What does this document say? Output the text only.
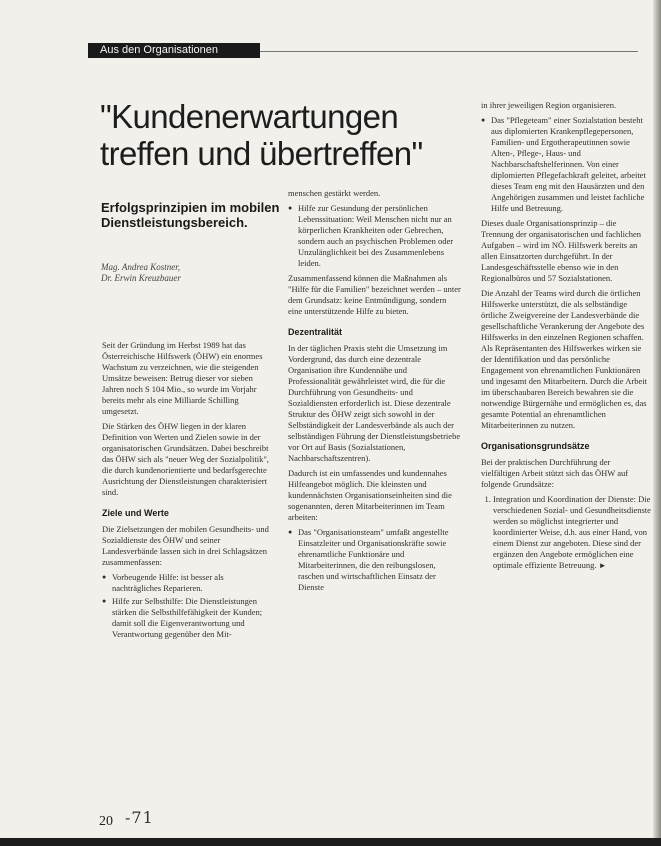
Aus den Organisationen
"Kundenerwartungen
treffen und übertreffen"
Erfolgsprinzipien im mobilen Dienstleistungsbereich.
Mag. Andrea Kostner,
Dr. Erwin Kreuzbauer

Seit der Gründung im Herbst 1989 hat das Österreichische Hilfswerk (ÖHW) ein enormes Wachstum zu verzeichnen, wie die steigenden Umsätze beweisen: Betrug dieser vor sieben Jahren noch S 104 Mio., so wurde im Vorjahr bereits mehr als eine Milliarde Schilling umgesetzt.

Die Stärken des ÖHW liegen in der klaren Definition von Werten und Zielen sowie in der organisatorischen Grundsätzen. Dabei beschreibt das ÖHW sich als "neuer Weg der Sozialpolitik", die durch kundenorientierte und bedarfsgerechte Ausrichtung der Dienstleistungen charakterisiert sind.

Ziele und Werte

Die Zielsetzungen der mobilen Gesundheits- und Sozialdienste des ÖHW und seiner Landesverbände lassen sich in drei Schlagsätzen zusammenfassen:

● Vorbeugende Hilfe: ist besser als nachträgliches Reparieren.
● Hilfe zur Selbsthilfe: Die Dienstleistungen stärken die Selbsthilfefähigkeit der Kunden; damit soll die Eigenverantwortung und Verantwortung gegenüber den Mit-

menschen gestärkt werden.

● Hilfe zur Gesundung der persönlichen Lebenssituation: Weil Menschen nicht nur an körperlichen Krankheiten oder Gebrechen, sondern auch an psychischen Problemen oder Unzulänglichkeit bei des Zusammenlebens leiden.

Zusammenfassend können die Maßnahmen als "Hilfe für die Familien" bezeichnet werden – unter dem Grundsatz: keine Entmündigung, sondern eine unterstützende Hilfe zu bieten.

Dezentralität

In der täglichen Praxis steht die Umsetzung im Vordergrund, das durch eine dezentrale Organisation ihre Kundennähe und Professionalität gewährleistet wird, die für die Durchführung von Gesundheits- und Sozialdiensten erforderlich ist. Diese dezentrale Struktur des ÖHW zeigt sich sowohl in der Selbständigkeit der Landesverbände als auch der selbständigen Führung der Dienstleistungsbetriebe vor Ort auf Basis (Sozialstationen, Nachbarschaftszentren).

Dadurch ist ein umfassendes und kundennahes Hilfeangebot möglich. Die kleinsten und kundennächsten Organisationseinheiten sind die sogenannten, deren Mitarbeiterinnen im Team arbeiten:

● Das "Organisationsteam" umfaßt angestellte Einsatzleiter und Organisationskräfte sowie ehrenamtliche Funktionäre und Mitarbeiterinnen, die den reibungslosen, raschen und wirtschaftlichen Einsatz der Dienste

in ihrer jeweiligen Region organisieren.

● Das "Pflegeteam" einer Sozialstation besteht aus diplomierten Krankenpflegepersonen, Familien- und Ergotherapeutinnen sowie Alten-, Pflege-, Haus- und Nachbarschaftshelferinnen. Von einer diplomierten Pflegefachkraft geleitet, arbeitet dieses Team eng mit den Hausärzten und den Angehörigen zusammen und leistet fachliche Hilfe und Betreuung.

Dieses duale Organisationsprinzip – die Trennung der organisatorischen und fachlichen Aufgaben – wird im NÖ. Hilfswerk bereits an allen Einsatzorten durchgeführt. In der Landesgeschäftsstelle ebenso wie in den Regionalbüros und 57 Sozialstationen.

Die Anzahl der Teams wird durch die örtlichen Hilfswerke unterstützt, die als selbständige örtliche Zweigvereine der Landesverbände die gesellschaftliche Verankerung der Angebote des Hilfswerks in den einzelnen Regionen schaffen. Als Repräsentanten des Hilfswerkes wirken sie der Identifikation und das persönliche Engagement von ehrenamtlichen Funktionären und ingesamt den Mitarbeitern. Durch die Arbeit im überschaubaren Bereich bewahren sie die notwendige Bürgernähe und ermöglichen es, das gesamte Potential an ehrenamtlichen Mitarbeiterinnen zu nutzen.

Organisationsgrundsätze

Bei der praktischen Durchführung der vielfältigen Arbeit stützt sich das ÖHW auf folgende Grundsätze:

1. Integration und Koordination der Dienste: Die verschiedenen Sozial- und Gesundheitsdienste werden so möglichst integrierter und koordinierter Weise, d.h. aus einer Hand, von einem Dienst zur angeboten. Diese sind der ergänzen den Angebote ermöglichen eine optimale effiziente Betreuung. ►
20 -71
